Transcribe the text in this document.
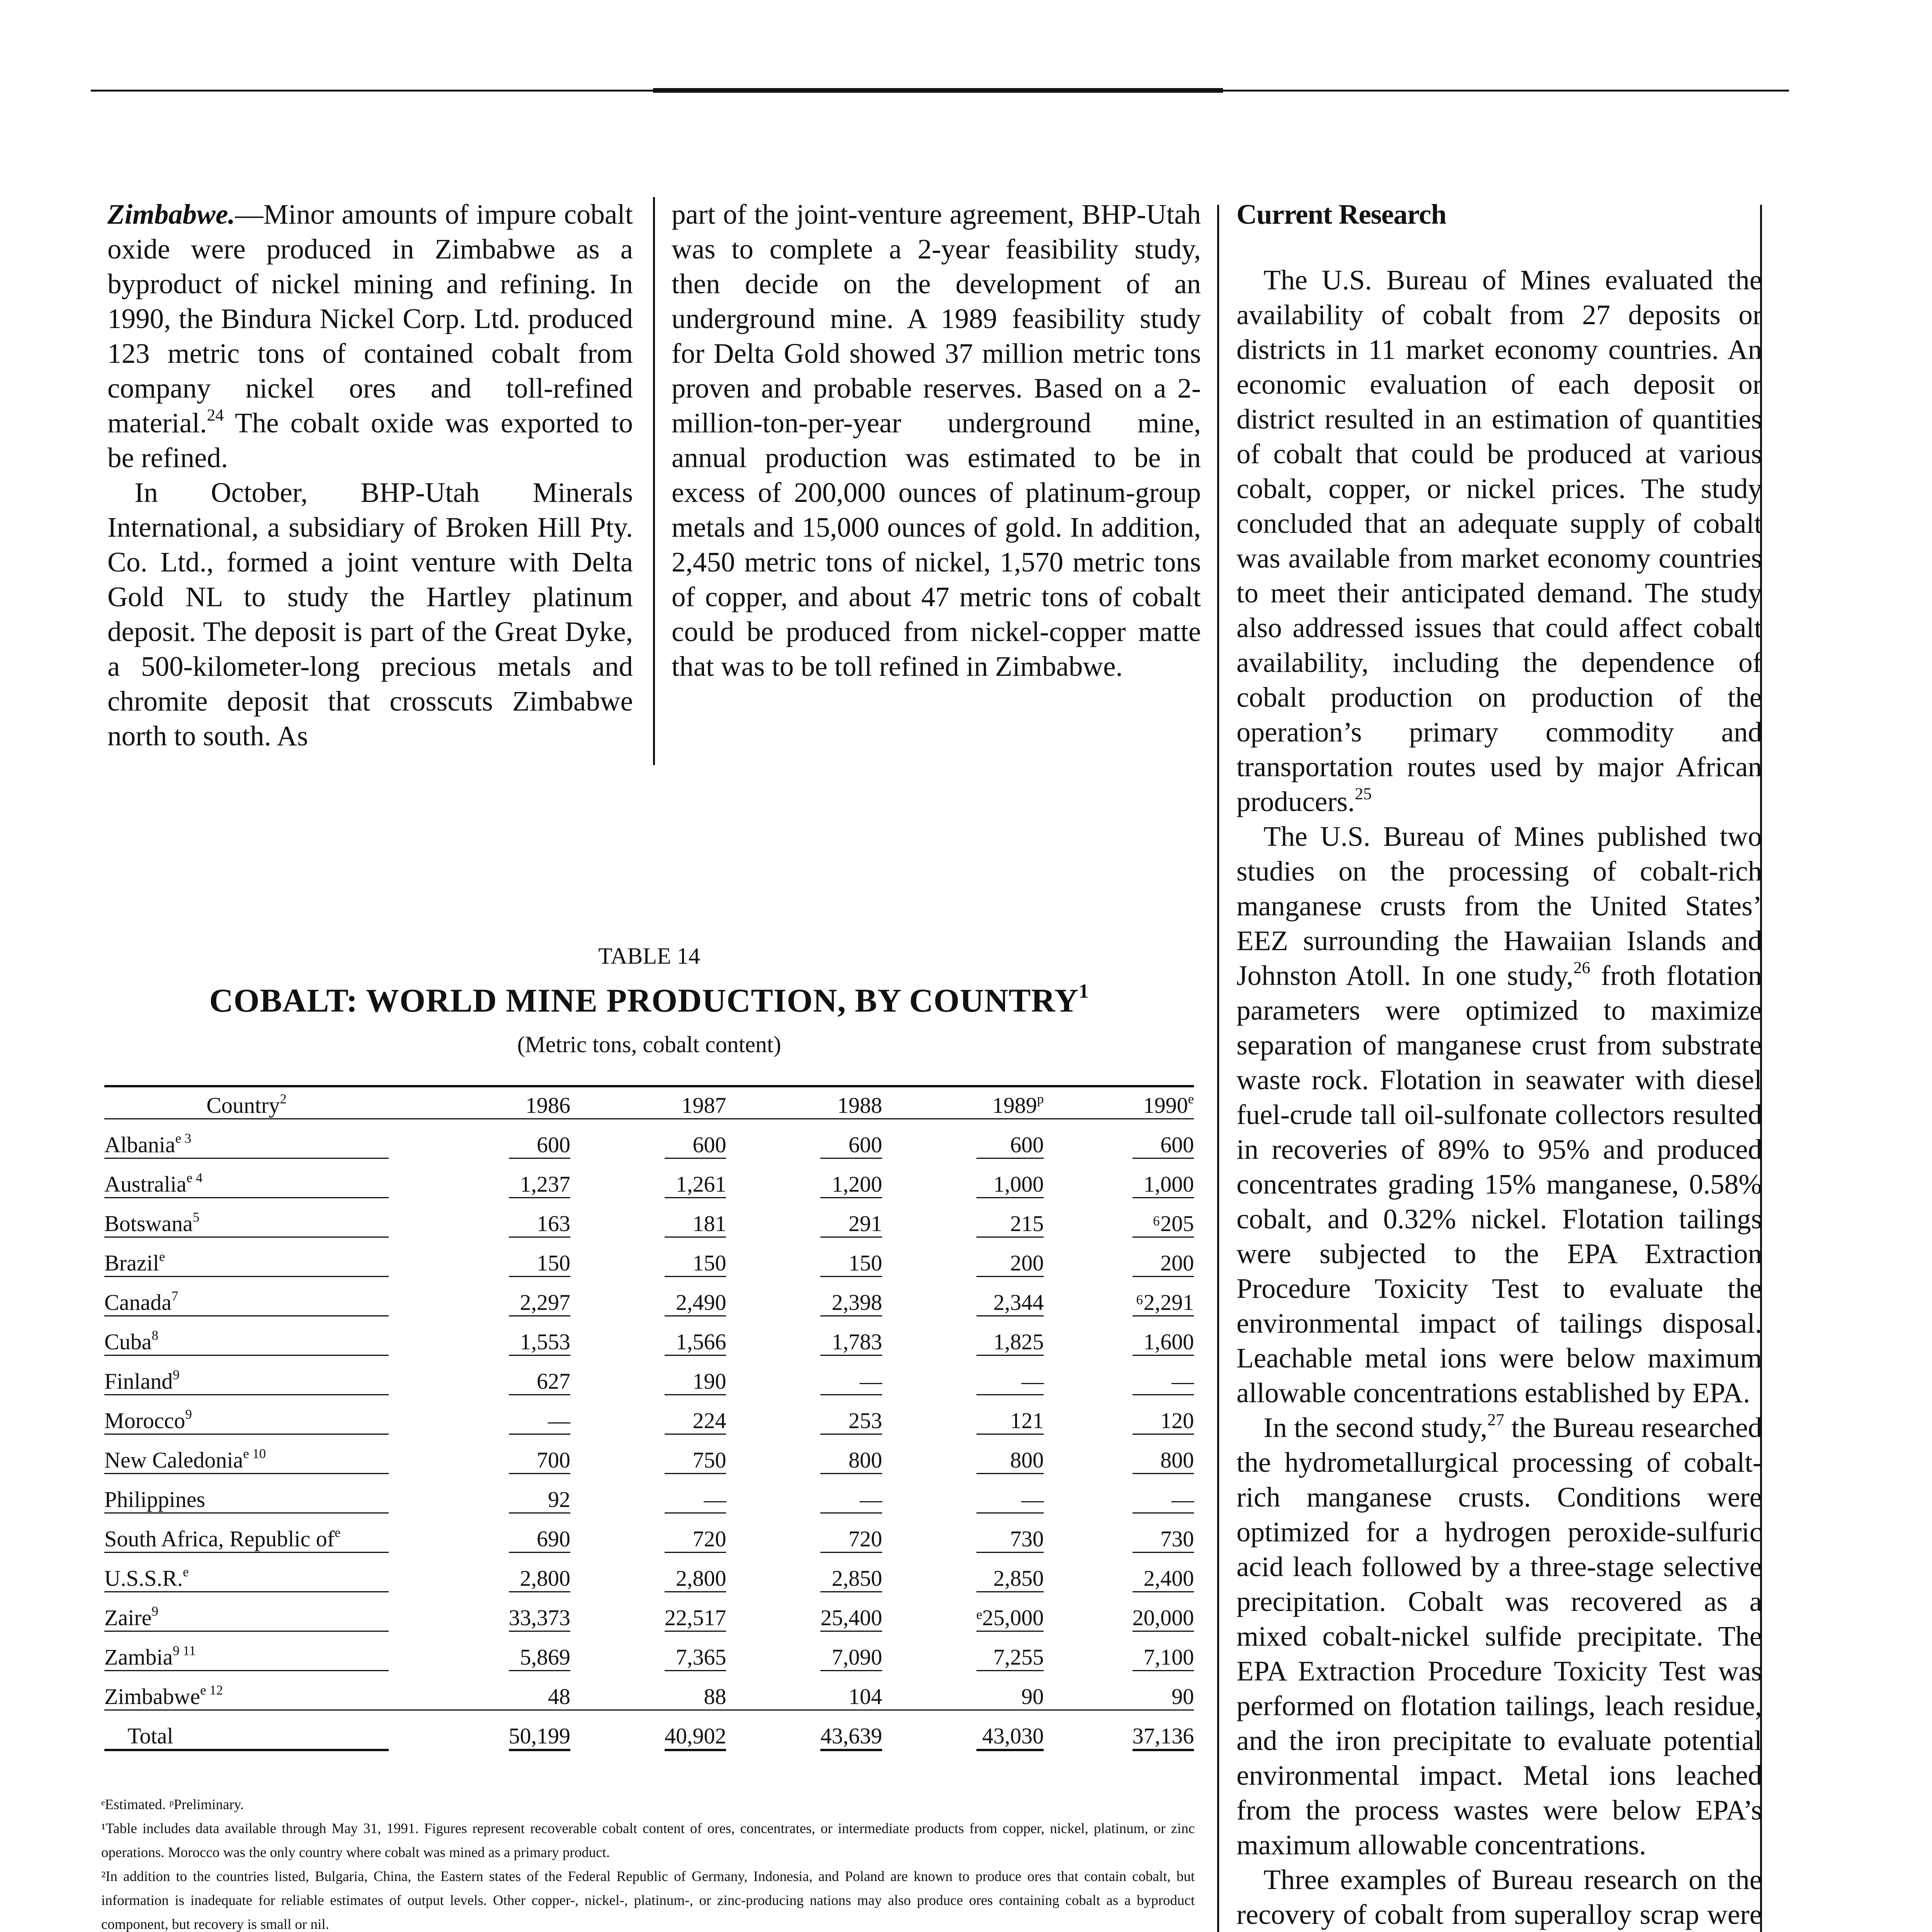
Zimbabwe.—Minor amounts of impure cobalt oxide were produced in Zimbabwe as a byproduct of nickel mining and refining. In 1990, the Bindura Nickel Corp. Ltd. produced 123 metric tons of contained cobalt from company nickel ores and toll-refined material.$^{24}$ The cobalt oxide was exported to be refined.

In October, BHP-Utah Minerals International, a subsidiary of Broken Hill Pty. Co. Ltd., formed a joint venture with Delta Gold NL to study the Hartley platinum deposit. The deposit is part of the Great Dyke, a 500-kilometer-long precious metals and chromite deposit that crosscuts Zimbabwe north to south. As

part of the joint-venture agreement, BHP-Utah was to complete a 2-year feasibility study, then decide on the development of an underground mine. A 1989 feasibility study for Delta Gold showed 37 million metric tons proven and probable reserves. Based on a 2-million-ton-per-year underground mine, annual production was estimated to be in excess of 200,000 ounces of platinum-group metals and 15,000 ounces of gold. In addition, 2,450 metric tons of nickel, 1,570 metric tons of copper, and about 47 metric tons of cobalt could be produced from nickel-copper matte that was to be toll refined in Zimbabwe.

Current Research

The U.S. Bureau of Mines evaluated the availability of cobalt from 27 deposits or districts in 11 market economy countries. An economic evaluation of each deposit or district resulted in an estimation of quantities of cobalt that could be produced at various cobalt, copper, or nickel prices. The study concluded that an adequate supply of cobalt was available from market economy countries to meet their anticipated demand. The study also addressed issues that could affect cobalt availability, including the dependence of cobalt production on production of the operation’s primary commodity and transportation routes used by major African producers.$^{25}$

The U.S. Bureau of Mines published two studies on the processing of cobalt-rich manganese crusts from the United States’ EEZ surrounding the Hawaiian Islands and Johnston Atoll. In one study,$^{26}$ froth flotation parameters were optimized to maximize separation of manganese crust from substrate waste rock. Flotation in seawater with diesel fuel-crude tall oil-sulfonate collectors resulted in recoveries of 89% to 95% and produced concentrates grading 15% manganese, 0.58% cobalt, and 0.32% nickel. Flotation tailings were subjected to the EPA Extraction Procedure Toxicity Test to evaluate the environmental impact of tailings disposal. Leachable metal ions were below maximum allowable concentrations established by EPA.

In the second study,$^{27}$ the Bureau researched the hydrometallurgical processing of cobalt-rich manganese crusts. Conditions were optimized for a hydrogen peroxide-sulfuric acid leach followed by a three-stage selective precipitation. Cobalt was recovered as a mixed cobalt-nickel sulfide precipitate. The EPA Extraction Procedure Toxicity Test was performed on flotation tailings, leach residue, and the iron precipitate to evaluate potential environmental impact. Metal ions leached from the process wastes were below EPA’s maximum allowable concentrations.

Three examples of Bureau research on the recovery of cobalt from superalloy scrap were

TABLE 14
COBALT: WORLD MINE PRODUCTION, BY COUNTRY$^1$
(Metric tons, cobalt content)
Country$^2$		1986		1987		1988		1989$^p$		1990e
Albania$^{e 3}$		600		600		600		600		600
Australia$^{e 4}$		1,237		1,261		1,200		1,000		1,000
Botswana$^5$		163		181		291		215		⁶205
Brazil$^e$		150		150		150		200		200
Canada$^7$		2,297		2,490		2,398		2,344		⁶2,291
Cuba$^8$		1,553		1,566		1,783		1,825		1,600
Finland$^9$		627		190		—		—		—
Morocco$^9$		—		224		253		121		120
New Caledonia$^{e 10}$		700		750		800		800		800
Philippines		92		—		—		—		—
South Africa, Republic $of^e$		690		720		720		730		730
U.S.S.R.$^e$		2,800		2,800		2,850		2,850		2,400
Zaire$^9$		33,373		22,517		25,400		ᵉ25,000		20,000
Zambia$^{9 11}$		5,869		7,365		7,090		7,255		7,100
Zimbabwe$^{e 12}$		48		88		104		90		90
Total		50,199		40,902		43,639		43,030		37,136

ᵉEstimated. ᵖPreliminary.

¹Table includes data available through May 31, 1991. Figures represent recoverable cobalt content of ores, concentrates, or intermediate products from copper, nickel, platinum, or zinc operations. Morocco was the only country where cobalt was mined as a primary product.

²In addition to the countries listed, Bulgaria, China, the Eastern states of the Federal Republic of Germany, Indonesia, and Poland are known to produce ores that contain cobalt, but information is inadequate for reliable estimates of output levels. Other copper-, nickel-, platinum-, or zinc-producing nations may also produce ores containing cobalt as a byproduct component, but recovery is small or nil.
